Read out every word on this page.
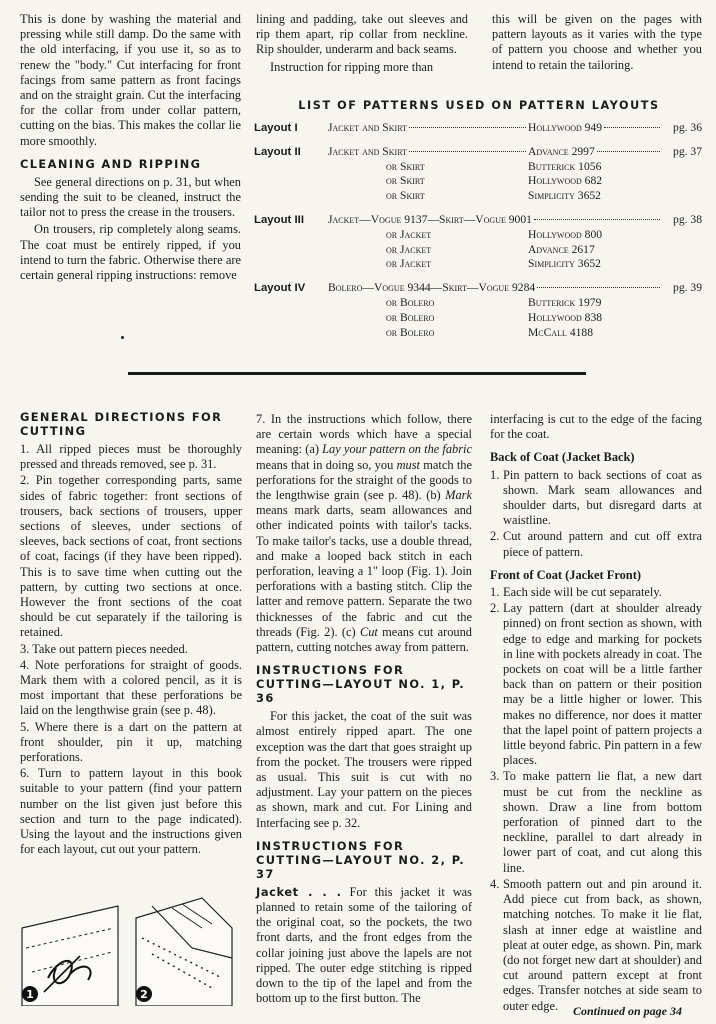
This is done by washing the material and pressing while still damp. Do the same with the old interfacing, if you use it, so as to renew the "body." Cut interfacing for front facings from same pattern as front facings and on the straight grain. Cut the interfacing for the collar from under collar pattern, cutting on the bias. This makes the collar lie more smoothly.

CLEANING AND RIPPING

See general directions on p. 31, but when sending the suit to be cleaned, instruct the tailor not to press the crease in the trousers.

On trousers, rip completely along seams. The coat must be entirely ripped, if you intend to turn the fabric. Otherwise there are certain general ripping instructions: remove

lining and padding, take out sleeves and rip them apart, rip collar from neckline. Rip shoulder, underarm and back seams.

Instruction for ripping more than

this will be given on the pages with pattern layouts as it varies with the type of pattern you choose and whether you intend to retain the tailoring.

LIST OF PATTERNS USED ON PATTERN LAYOUTS
Layout I	Jacket and Skirt	Hollywood 949	pg. 36
Layout II	Jacket and Skirt	Advance 2997	pg. 37
or Skirt	Butterick 1056
or Skirt	Hollywood 682
or Skirt	Simplicity 3652
Layout III	Jacket—Vogue 9137—Skirt—Vogue 9001	pg. 38
or Jacket	Hollywood 800
or Jacket	Advance 2617
or Jacket	Simplicity 3652
Layout IV	Bolero—Vogue 9344—Skirt—Vogue 9284	pg. 39
or Bolero	Butterick 1979
or Bolero	Hollywood 838
or Bolero	McCall 4188
GENERAL DIRECTIONS FOR CUTTING
1. All ripped pieces must be thoroughly pressed and threads removed, see p. 31.
2. Pin together corresponding parts, same sides of fabric together: front sections of trousers, back sections of trousers, upper sections of sleeves, under sections of sleeves, back sections of coat, front sections of coat, facings (if they have been ripped). This is to save time when cutting out the pattern, by cutting two sections at once. However the front sections of the coat should be cut separately if the tailoring is retained.
3. Take out pattern pieces needed.
4. Note perforations for straight of goods. Mark them with a colored pencil, as it is most important that these perforations be laid on the lengthwise grain (see p. 48).
5. Where there is a dart on the pattern at front shoulder, pin it up, matching perforations.
6. Turn to pattern layout in this book suitable to your pattern (find your pattern number on the list given just before this section and turn to the page indicated). Using the layout and the instructions given for each layout, cut out your pattern.
1	2

7. In the instructions which follow, there are certain words which have a special meaning: (a) Lay your pattern on the fabric means that in doing so, you must match the perforations for the straight of the goods to the lengthwise grain (see p. 48). (b) Mark means mark darts, seam allowances and other indicated points with tailor's tacks. To make tailor's tacks, use a double thread, and make a looped back stitch in each perforation, leaving a 1" loop (Fig. 1). Join perforations with a basting stitch. Clip the latter and remove pattern. Separate the two thicknesses of the fabric and cut the threads (Fig. 2). (c) Cut means cut around pattern, cutting notches away from pattern.

INSTRUCTIONS FOR CUTTING—LAYOUT NO. 1, P. 36

For this jacket, the coat of the suit was almost entirely ripped apart. The one exception was the dart that goes straight up from the pocket. The trousers were ripped as usual. This suit is cut with no adjustment. Lay your pattern on the pieces as shown, mark and cut. For Lining and Interfacing see p. 32.

INSTRUCTIONS FOR CUTTING—LAYOUT NO. 2, P. 37

Jacket . . . For this jacket it was planned to retain some of the tailoring of the original coat, so the pockets, the two front darts, and the front edges from the collar joining just above the lapels are not ripped. The outer edge stitching is ripped down to the tip of the lapel and from the bottom up to the first button. The

interfacing is cut to the edge of the facing for the coat.

Back of Coat (Jacket Back)
1. Pin pattern to back sections of coat as shown. Mark seam allowances and shoulder darts, but disregard darts at waistline.
2. Cut around pattern and cut off extra piece of pattern.
Front of Coat (Jacket Front)
1. Each side will be cut separately.
2. Lay pattern (dart at shoulder already pinned) on front section as shown, with edge to edge and marking for pockets in line with pockets already in coat. The pockets on coat will be a little farther back than on pattern or their position may be a little higher or lower. This makes no difference, nor does it matter that the lapel point of pattern projects a little beyond fabric. Pin pattern in a few places.
3. To make pattern lie flat, a new dart must be cut from the neckline as shown. Draw a line from bottom perforation of pinned dart to the neckline, parallel to dart already in lower part of coat, and cut along this line.
4. Smooth pattern out and pin around it. Add piece cut from back, as shown, matching notches. To make it lie flat, slash at inner edge at waistline and pleat at outer edge, as shown. Pin, mark (do not forget new dart at shoulder) and cut around pattern except at front edges. Transfer notches at side seam to outer edge.	Continued on page 34
